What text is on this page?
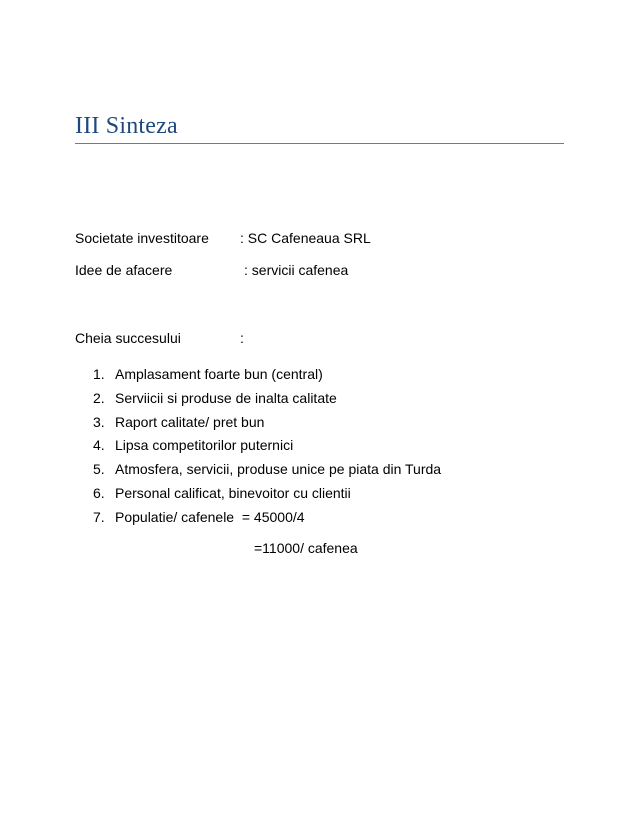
III Sinteza
Societate investitoare : SC Cafeneaua SRL
Idee de afacere	: servicii cafenea
Cheia succesului	:
1. Amplasament foarte bun (central)
2. Serviicii si produse de inalta calitate
3. Raport calitate/ pret bun
4. Lipsa competitorilor puternici
5. Atmosfera, servicii, produse unice pe piata din Turda
6. Personal calificat, binevoitor cu clientii
7. Populatie/ cafenele  = 45000/4
=11000/ cafenea
